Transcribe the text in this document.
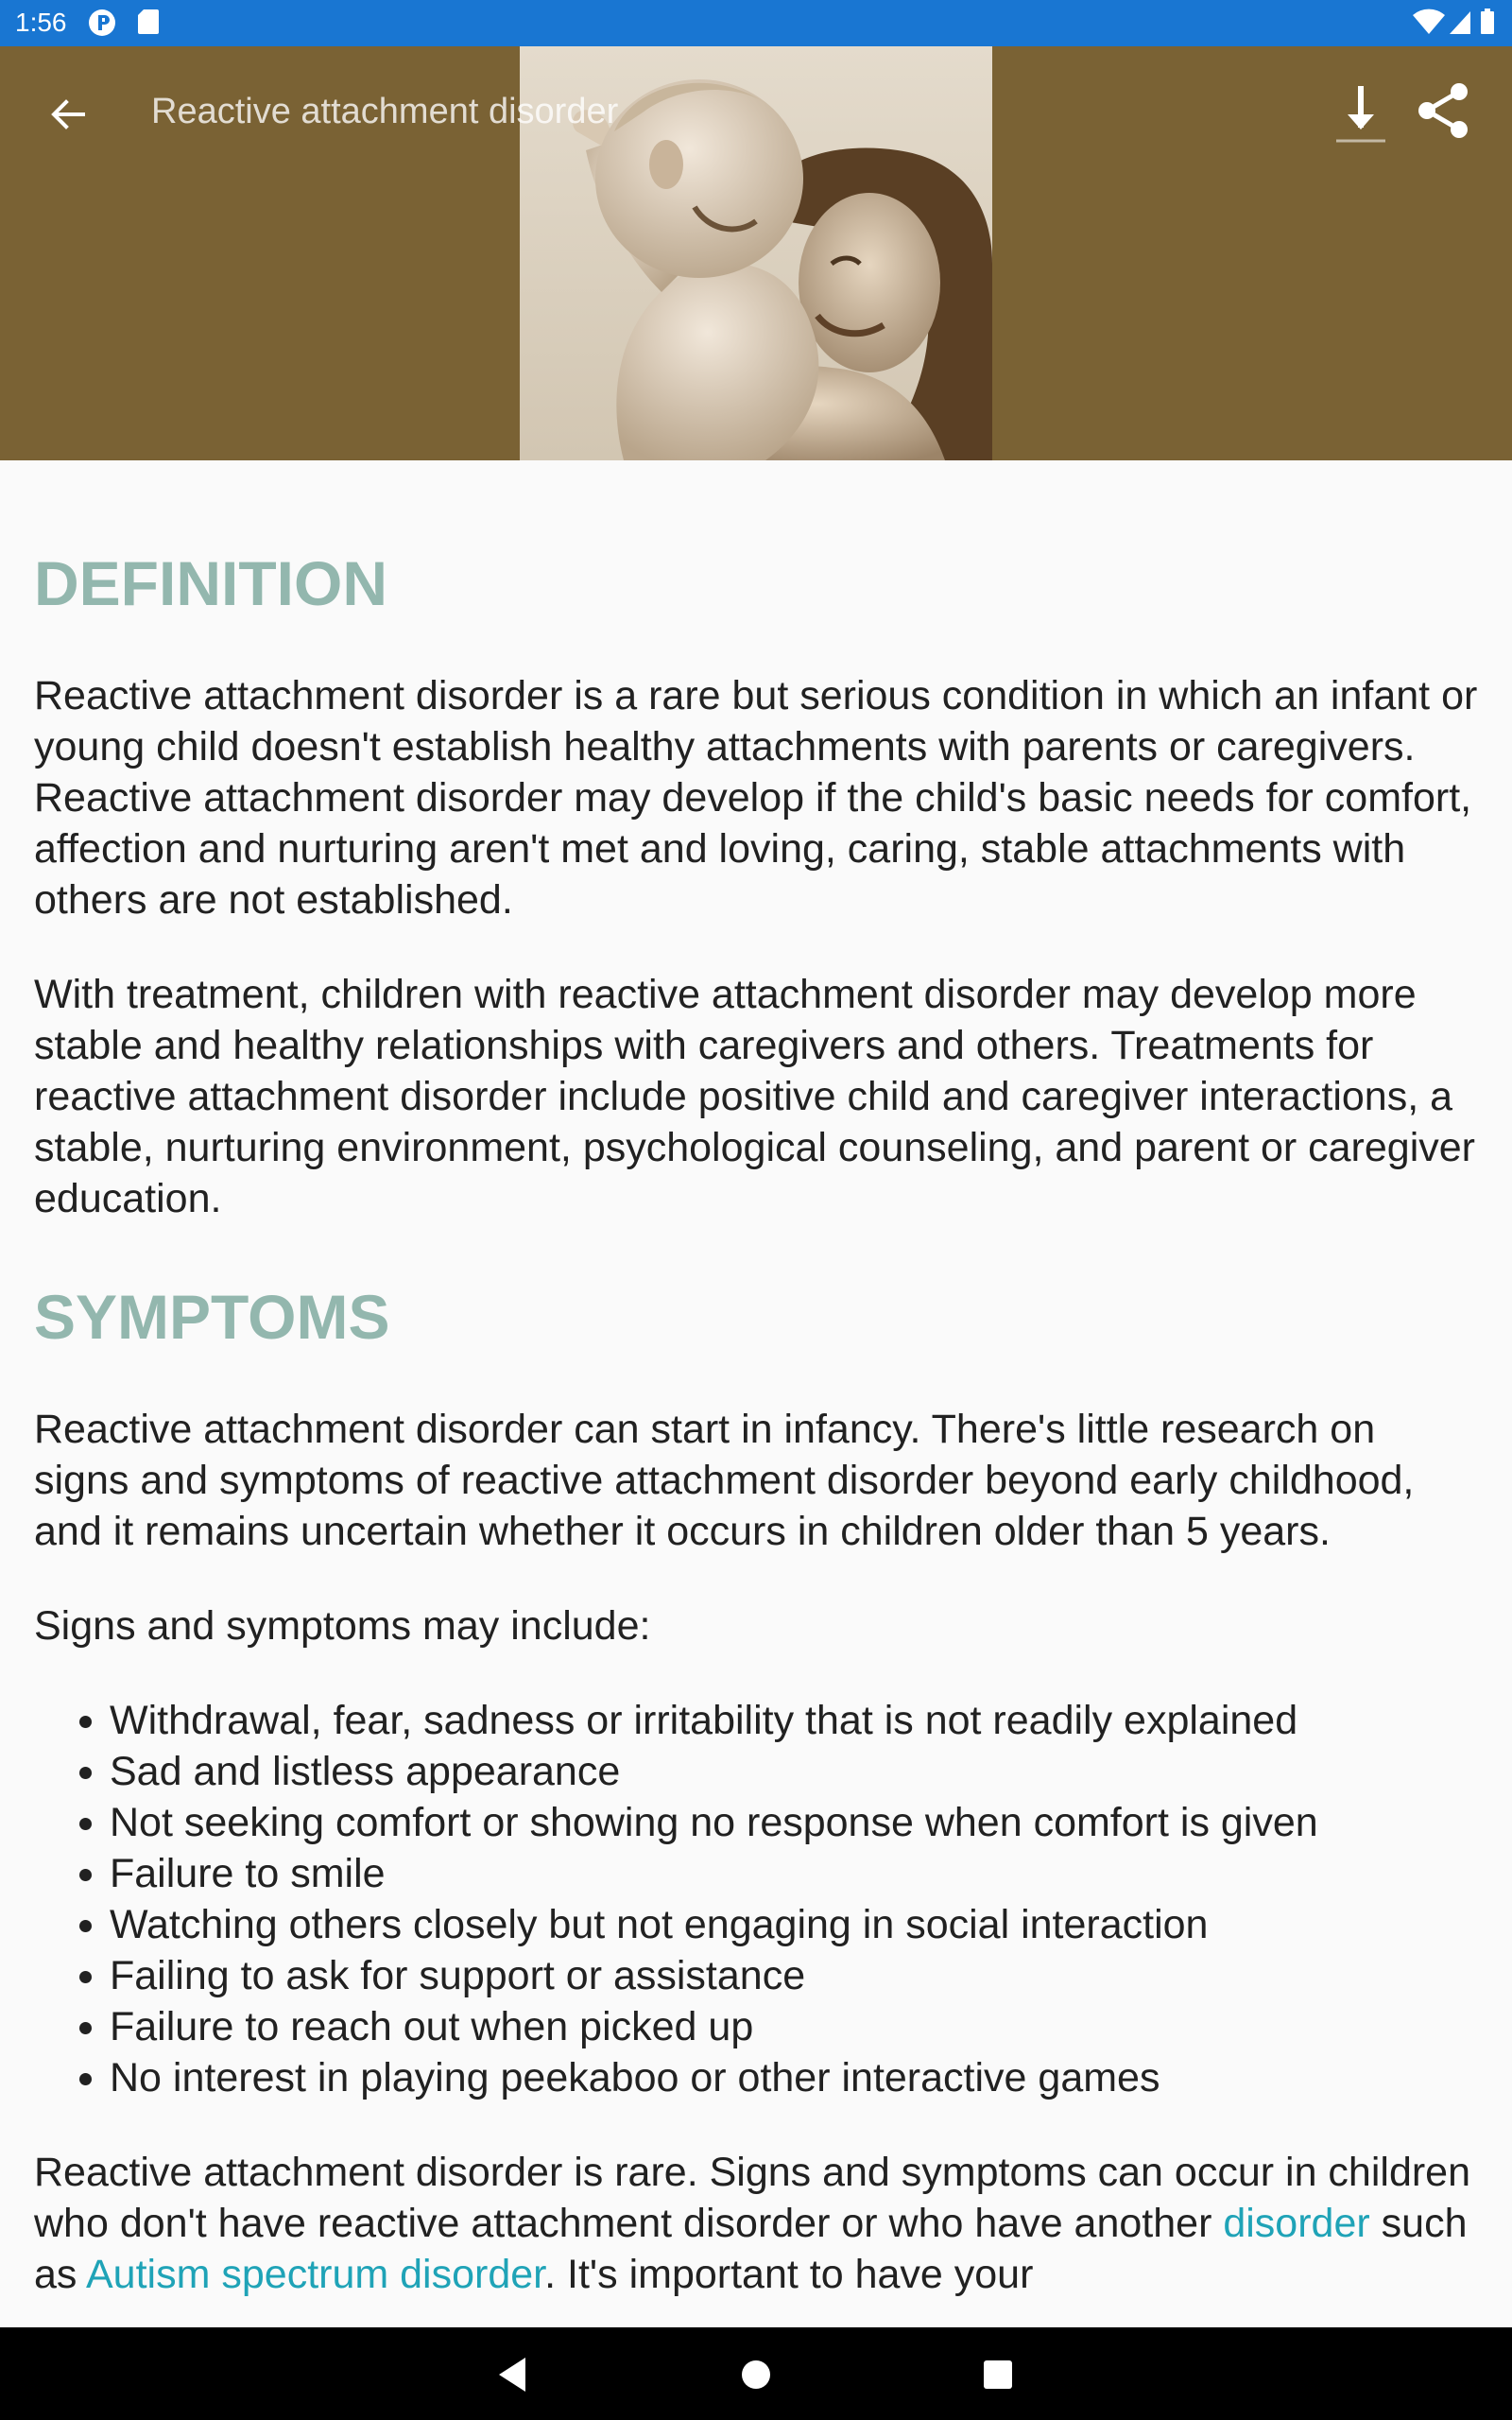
1:56
Reactive attachment disorder
DEFINITION

Reactive attachment disorder is a rare but serious condition in which an infant or young child doesn't establish healthy attachments with parents or caregivers. Reactive attachment disorder may develop if the child's basic needs for comfort, affection and nurturing aren't met and loving, caring, stable attachments with others are not established.

With treatment, children with reactive attachment disorder may develop more stable and healthy relationships with caregivers and others. Treatments for reactive attachment disorder include positive child and caregiver interactions, a stable, nurturing environment, psychological counseling, and parent or caregiver education.

SYMPTOMS

Reactive attachment disorder can start in infancy. There's little research on signs and symptoms of reactive attachment disorder beyond early childhood, and it remains uncertain whether it occurs in children older than 5 years.

Signs and symptoms may include:

• Withdrawal, fear, sadness or irritability that is not readily explained
• Sad and listless appearance
• Not seeking comfort or showing no response when comfort is given
• Failure to smile
• Watching others closely but not engaging in social interaction
• Failing to ask for support or assistance
• Failure to reach out when picked up
• No interest in playing peekaboo or other interactive games

Reactive attachment disorder is rare. Signs and symptoms can occur in children who don't have reactive attachment disorder or who have another disorder such as Autism spectrum disorder. It's important to have your
